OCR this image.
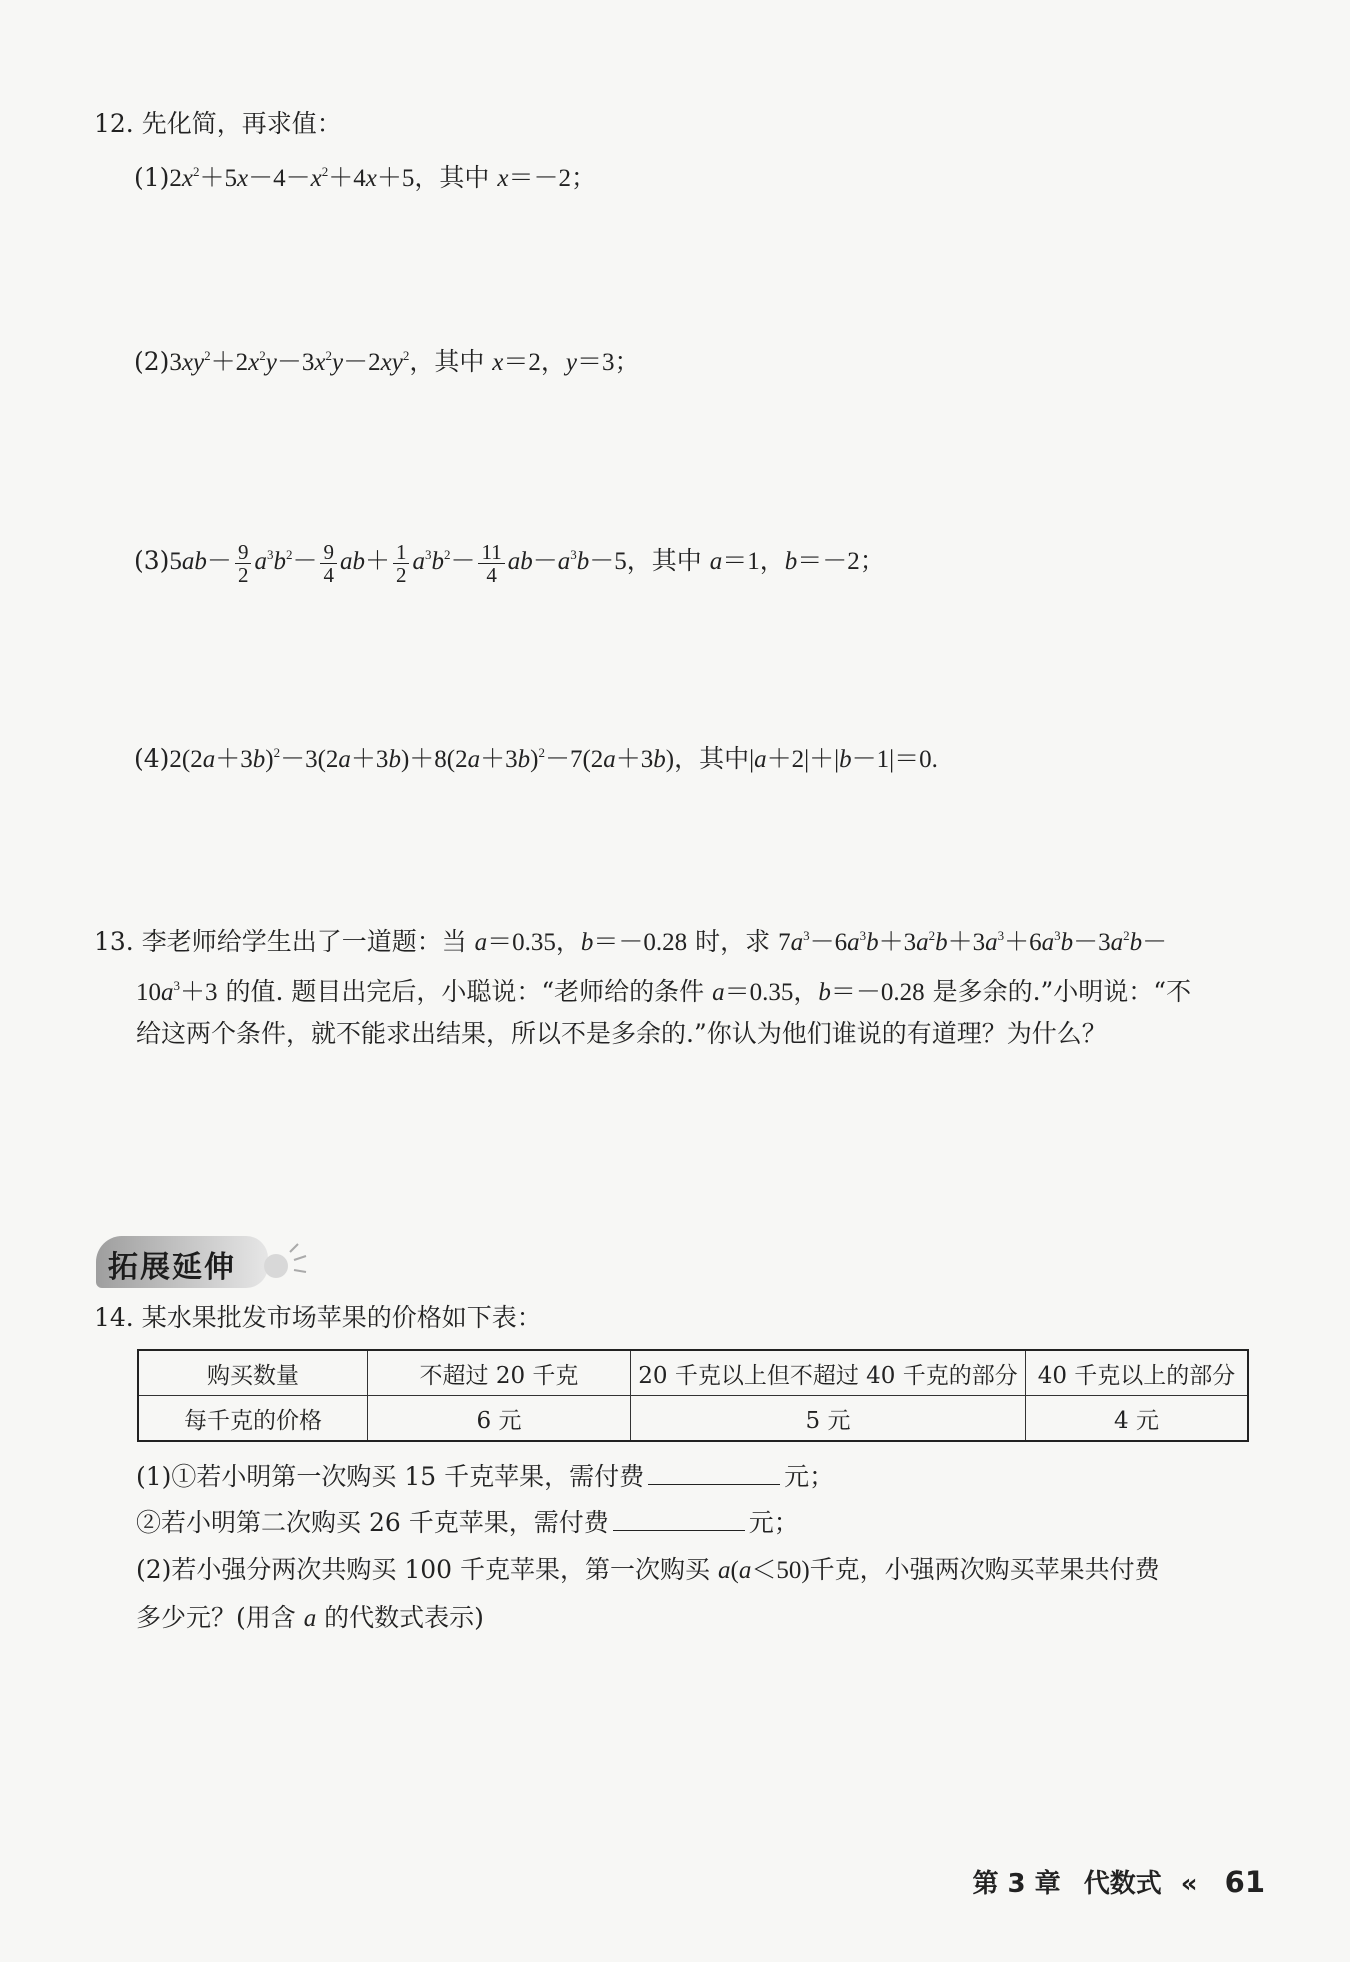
12. 先化简，再求值：
$(1)2x^2+5x-4-x^2+4x+5$，其中 x＝－2；
$(2)3xy^2+2x^2y-3x^2y-2xy^2$，其中 x＝2，y＝3；
$(3)5ab- \frac{9}{2} a^3b^2- \frac{9}{4} ab+ \frac{1}{2} a^3b^2- \frac{11}{4} ab-a^3b-5$，其中 a＝1，b＝－2；
$(4)2(2a+3b)^2-3(2a+3b)+8(2a+3b)^2-7(2a+3b)$，其中|a＋2|＋|b－1|＝0.
13. 李老师给学生出了一道题：当 a＝0.35，b＝－0.28 时，求 $7a^3-6a^3b+3a^2b+3a^3+6a^3b-3a^2b-$
$10a^3+3$ 的值. 题目出完后，小聪说：“老师给的条件 a＝0.35，b＝－0.28 是多余的.”小明说：“不
给这两个条件，就不能求出结果，所以不是多余的.”你认为他们谁说的有道理？为什么？
拓展延伸
14. 某水果批发市场苹果的价格如下表：
购买数量	不超过 20 千克	20 千克以上但不超过 40 千克的部分	40 千克以上的部分
每千克的价格	6 元	5 元	4 元
(1)①若小明第一次购买 15 千克苹果，需付费	元；
②若小明第二次购买 26 千克苹果，需付费	元；
(2)若小强分两次共购买 100 千克苹果，第一次购买 a(a＜50)千克，小强两次购买苹果共付费
多少元？(用含 a 的代数式表示)
第 3 章 代数式 « 61
